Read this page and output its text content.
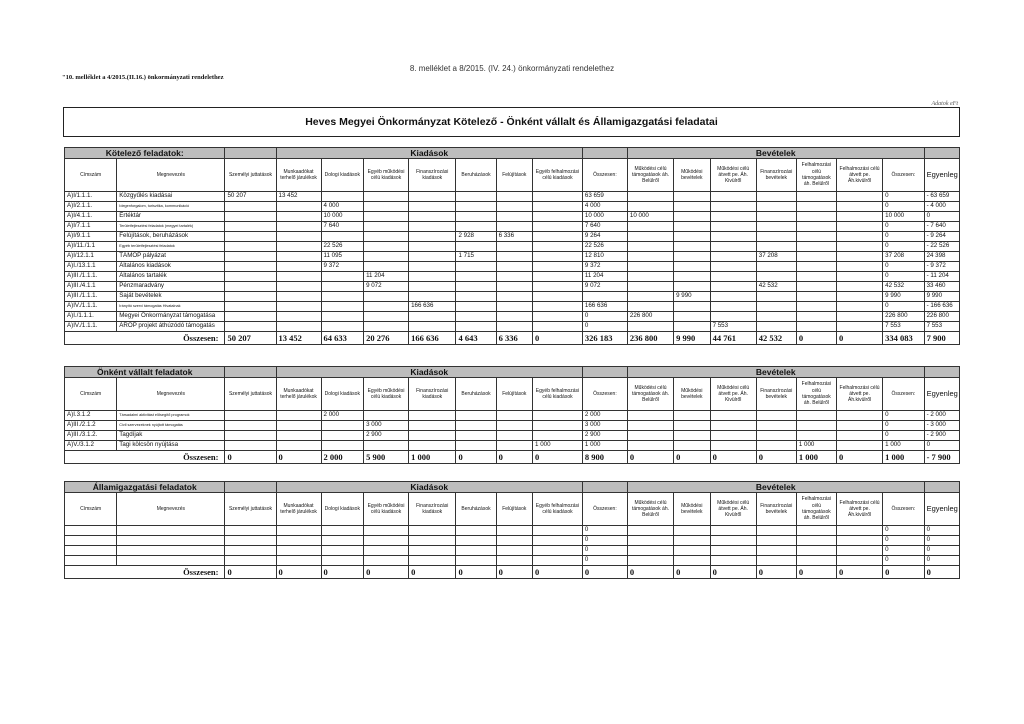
"10. melléklet a 4/2015.(II.16.) önkormányzati rendelethez
8. melléklet a 8/2015. (IV. 24.) önkormányzati rendelethez
Adatok eFt
Heves Megyei Önkormányzat Kötelező - Önként vállalt és Államigazgatási feladatai
Kötelező feladatok:			Kiadások								Bevételek							
Címszám	Megnevezés	Személyi juttatások	Munkaadókat terhelő járulékok	Dologi kiadások	Egyéb működési célú kiadások	Finanszírozási kiadások	Beruházások	Felújítások	Egyéb felhalmozási célú kiadások	Összesen:	Működési célú támogatások áh. Belülről	Működési bevételek	Működési célú átvett pe. Áh. Kivülről	Finanszírozási bevételek	Felhalmozási célú támogatások áh. Belülről	Felhalmozási célú átvett pe. Áh.kivülről	Összesen:	Egyenleg
A)I/1.1.1.	Közgyűlés kiadásai	50 207	13 452							63 659							0	- 63 659
A)I/2.1.1.	Idegenforgalom, turisztika, kommunikáció			4 000						4 000							0	- 4 000
A)I/4.1.1.	Értéktár			10 000						10 000	10 000						10 000	0
A)I/7.1.1	Területfejlesztési feladatok (megyei tartalék)			7 640						7 640							0	- 7 640
A)I/9.1.1	Felújítások, beruházások						2 928	6 336		9 264							0	- 9 264
A)I/11./1.1	Egyéb területfejlesztési feladatok			22 526						22 526							0	- 22 526
A)I/12.1.1	TÁMOP pályázat			11 095			1 715			12 810				37 208			37 208	24 398
A)I./13.1.1	Általános kiadások			9 372						9 372							0	- 9 372
A)III./1.1.1.	Általános tartalék				11 204					11 204							0	- 11 204
A)III./4.1.1	Pénzmaradvány				9 072					9 072				42 532			42 532	33 460
A)III./1.1.1.	Saját bevételek											9 990					9 990	9 990
A)IV./1.1.1.	Irányító szervi támogatás Hivatalnak					166 636				166 636							0	- 166 636
A)I./1.1.1.	Megyei Önkormányzat támogatása									0	226 800						226 800	226 800
A)IV./1.1.1.	ÁROP projekt áthúzódó támogatás									0			7 553				7 553	7 553
Összesen:		50 207	13 452	64 633	20 276	166 636	4 643	6 336	0	326 183	236 800	9 990	44 761	42 532	0	0	334 083	7 900
Önként vállalt feladatok			Kiadások								Bevételek							
Címszám	Megnevezés	Személyi juttatások	Munkaadókat terhelő járulékok	Dologi kiadások	Egyéb működési célú kiadások	Finanszírozási kiadások	Beruházások	Felújítások	Egyéb felhalmozási célú kiadások	Összesen:	Működési célú támogatások áh. Belülről	Működési bevételek	Működési célú átvett pe. Áh. Kivülről	Finanszírozási bevételek	Felhalmozási célú támogatások áh. Belülről	Felhalmozási célú átvett pe. Áh.kivülről	Összesen:	Egyenleg
A)I.3.1.2	Társadalmi aktivitást elősegítő programok			2 000						2 000							0	- 2 000
A)III./2.1.2	Civil szervezeknek nyújtott támogatás				3 000					3 000							0	- 3 000
A)III./3.1.2.	Tagdíjak				2 900					2 900							0	- 2 900
A)V./3.1.2	Tagi kölcsön nyújtása								1 000	1 000					1 000		1 000	0
Összesen:		0	0	2 000	5 900	1 000	0	0	0	8 900	0	0	0	0	1 000	0	1 000	- 7 900
Államigazgatási feladatok			Kiadások								Bevételek							
Címszám	Megnevezés	Személyi juttatások	Munkaadókat terhelő járulékok	Dologi kiadások	Egyéb működési célú kiadások	Finanszírozási kiadások	Beruházások	Felújítások	Egyéb felhalmozási célú kiadások	Összesen:	Működési célú támogatások áh. Belülről	Működési bevételek	Működési célú átvett pe. Áh. Kivülről	Finanszírozási bevételek	Felhalmozási célú támogatások áh. Belülről	Felhalmozási célú átvett pe. Áh.kivülről	Összesen:	Egyenleg
										0							0	0
										0							0	0
										0							0	0
										0							0	0
Összesen:		0	0	0	0	0	0	0	0	0	0	0	0	0	0	0	0	0
